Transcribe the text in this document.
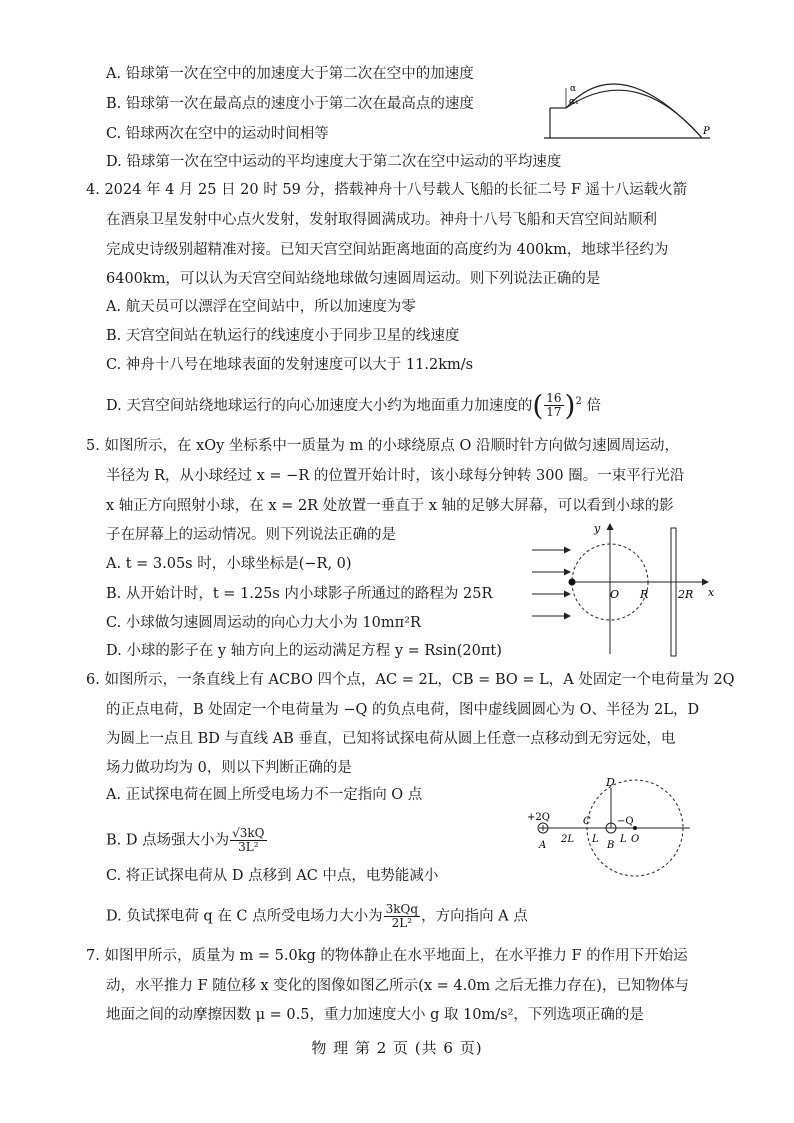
A. 铅球第一次在空中的加速度大于第二次在空中的加速度
B. 铅球第一次在最高点的速度小于第二次在最高点的速度
C. 铅球两次在空中的运动时间相等
D. 铅球第一次在空中运动的平均速度大于第二次在空中运动的平均速度
α
α₁
P
4. 2024 年 4 月 25 日 20 时 59 分，搭载神舟十八号载人飞船的长征二号 F 遥十八运载火箭
在酒泉卫星发射中心点火发射，发射取得圆满成功。神舟十八号飞船和天宫空间站顺利
完成史诗级别超精准对接。已知天宫空间站距离地面的高度约为 400km，地球半径约为
6400km，可以认为天宫空间站绕地球做匀速圆周运动。则下列说法正确的是
A. 航天员可以漂浮在空间站中，所以加速度为零
B. 天宫空间站在轨运行的线速度小于同步卫星的线速度
C. 神舟十八号在地球表面的发射速度可以大于 11.2km/s
D. 天宫空间站绕地球运行的向心加速度大小约为地面重力加速度的( $\frac{16}{17} )^2$ 倍
5. 如图所示，在 xOy 坐标系中一质量为 m 的小球绕原点 O 沿顺时针方向做匀速圆周运动，
半径为 R，从小球经过 x = −R 的位置开始计时，该小球每分钟转 300 圈。一束平行光沿
x 轴正方向照射小球，在 x = 2R 处放置一垂直于 x 轴的足够大屏幕，可以看到小球的影
子在屏幕上的运动情况。则下列说法正确的是
A. t = 3.05s 时，小球坐标是(−R, 0)
B. 从开始计时，t = 1.25s 内小球影子所通过的路程为 25R
C. 小球做匀速圆周运动的向心力大小为 10mπ²R
D. 小球的影子在 y 轴方向上的运动满足方程 y = Rsin(20πt)
y
x
O R	2R
6. 如图所示，一条直线上有 ACBO 四个点，AC = 2L，CB = BO = L，A 处固定一个电荷量为 2Q
的正点电荷，B 处固定一个电荷量为 −Q 的负点电荷，图中虚线圆圆心为 O、半径为 2L，D
为圆上一点且 BD 与直线 AB 垂直，已知将试探电荷从圆上任意一点移动到无穷远处，电
场力做功均为 0，则以下判断正确的是
A. 正试探电荷在圆上所受电场力不一定指向 O 点
B. D 点场强大小为 $\frac{√3kQ}{\text{3L²}}$
C. 将正试探电荷从 D 点移到 AC 中点，电势能减小
D. 负试探电荷 q 在 C 点所受电场力大小为 $\frac{\text{3kQq}}{\text{2L²}}$ ，方向指向 A 点
D
+2Q	−Q
A
2L
C
L
B
L O
7. 如图甲所示，质量为 m = 5.0kg 的物体静止在水平地面上，在水平推力 F 的作用下开始运
动，水平推力 F 随位移 x 变化的图像如图乙所示(x = 4.0m 之后无推力存在)，已知物体与
地面之间的动摩擦因数 μ = 0.5，重力加速度大小 g 取 10m/s²，下列选项正确的是
物 理 第 2 页 (共 6 页)
